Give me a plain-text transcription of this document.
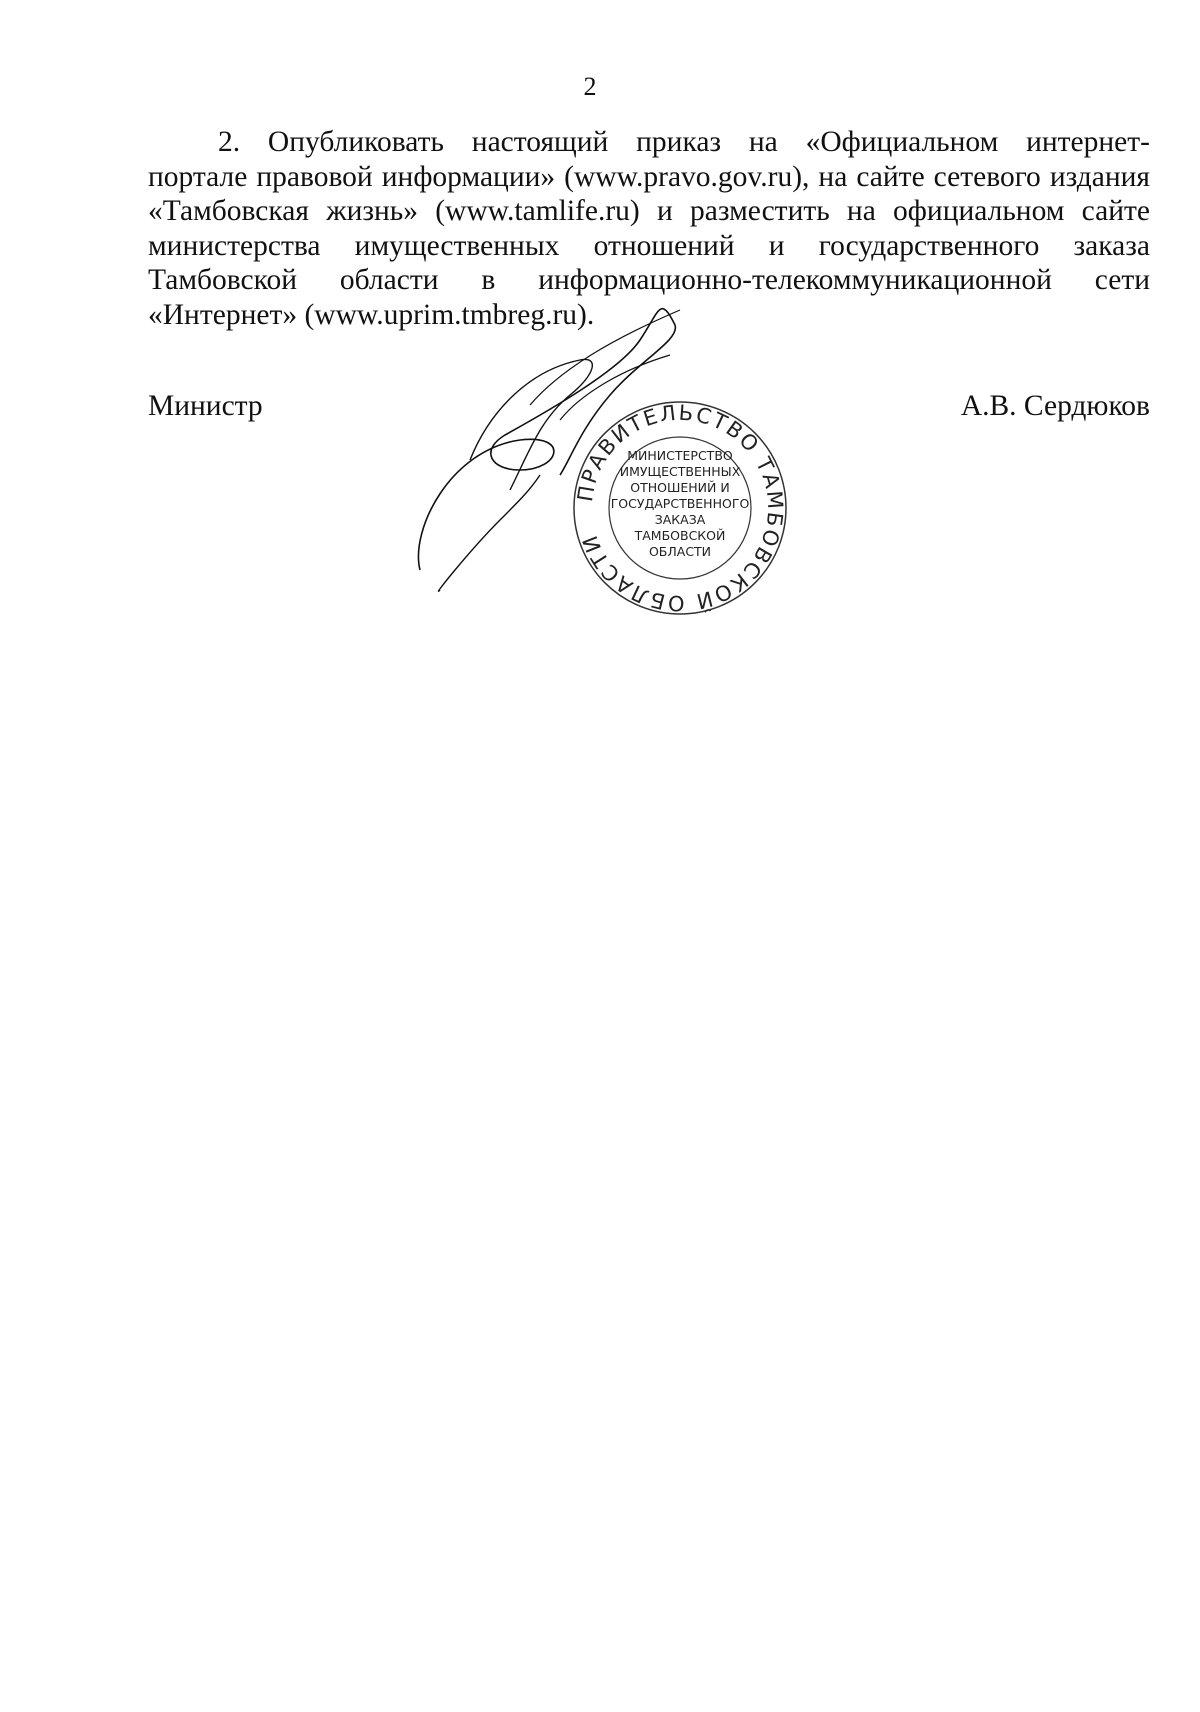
2
2. Опубликовать настоящий приказ на «Официальном интернет-
портале правовой информации» (www.pravo.gov.ru), на сайте сетевого издания
«Тамбовская жизнь» (www.tamlife.ru) и разместить на официальном сайте
министерства имущественных отношений и государственного заказа
Тамбовской области в информационно-телекоммуникационной сети
«Интернет» (www.uprim.tmbreg.ru).
Министр	А.В. Сердюков
ПРАВИТЕЛЬСТВО ТАМБОВСКОЙ ОБЛАСТИ
МИНИСТЕРСТВО
ИМУЩЕСТВЕННЫХ
ОТНОШЕНИЙ И
ГОСУДАРСТВЕННОГО
ЗАКАЗА
ТАМБОВСКОЙ
ОБЛАСТИ
